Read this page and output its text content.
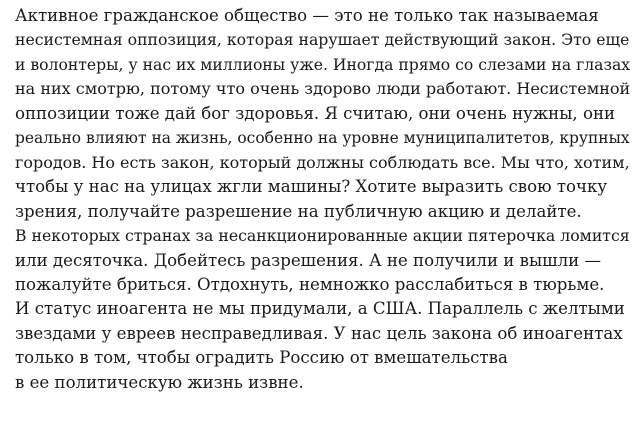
Активное гражданское общество — это не только так называемая
несистемная оппозиция, которая нарушает действующий закон. Это еще
и волонтеры, у нас их миллионы уже. Иногда прямо со слезами на глазах
на них смотрю, потому что очень здорово люди работают. Несистемной
оппозиции тоже дай бог здоровья. Я считаю, они очень нужны, они
реально влияют на жизнь, особенно на уровне муниципалитетов, крупных
городов. Но есть закон, который должны соблюдать все. Мы что, хотим,
чтобы у нас на улицах жгли машины? Хотите выразить свою точку
зрения, получайте разрешение на публичную акцию и делайте.

В некоторых странах за несанкционированные акции пятерочка ломится
или десяточка. Добейтесь разрешения. А не получили и вышли —
пожалуйте бриться. Отдохнуть, немножко расслабиться в тюрьме.

И статус иноагента не мы придумали, а США. Параллель с желтыми
звездами у евреев несправедливая. У нас цель закона об иноагентах
только в том, чтобы оградить Россию от вмешательства
в ее политическую жизнь извне.
